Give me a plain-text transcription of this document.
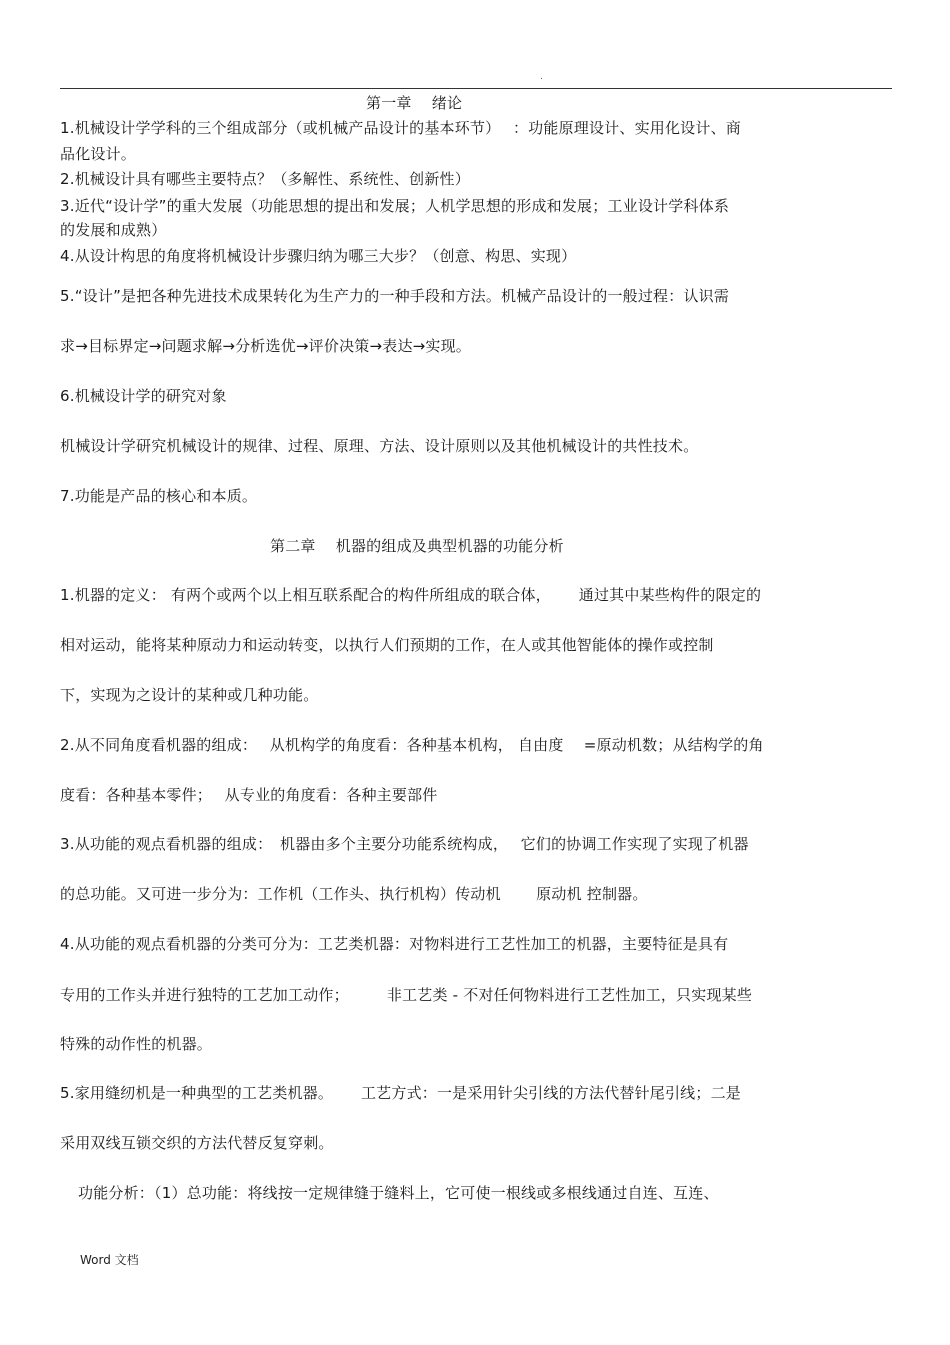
.
第一章　 绪论
1.机械设计学学科的三个组成部分（或机械产品设计的基本环节）　 ：功能原理设计、实用化设计、商
品化设计。
2.机械设计具有哪些主要特点？（多解性、系统性、创新性）
3.近代“设计学”的重大发展（功能思想的提出和发展；人机学思想的形成和发展；工业设计学科体系
的发展和成熟）
4.从设计构思的角度将机械设计步骤归纳为哪三大步？（创意、构思、实现）
5.“设计”是把各种先进技术成果转化为生产力的一种手段和方法。机械产品设计的一般过程：认识需
求→目标界定→问题求解→分析选优→评价决策→表达→实现。
6.机械设计学的研究对象
机械设计学研究机械设计的规律、过程、原理、方法、设计原则以及其他机械设计的共性技术。
7.功能是产品的核心和本质。
第二章　 机器的组成及典型机器的功能分析
1.机器的定义： 有两个或两个以上相互联系配合的构件所组成的联合体，　　 通过其中某些构件的限定的
相对运动，能将某种原动力和运动转变，以执行人们预期的工作，在人或其他智能体的操作或控制
下，实现为之设计的某种或几种功能。
2.从不同角度看机器的组成：　 从机构学的角度看：各种基本机构， 自由度　 =原动机数；从结构学的角
度看：各种基本零件；　 从专业的角度看：各种主要部件
3.从功能的观点看机器的组成：　机器由多个主要分功能系统构成，　 它们的协调工作实现了实现了机器
的总功能。又可进一步分为：工作机（工作头、执行机构）传动机　　 原动机 控制器。
4.从功能的观点看机器的分类可分为：工艺类机器：对物料进行工艺性加工的机器，主要特征是具有
专用的工作头并进行独特的工艺加工动作；　　　非工艺类 - 不对任何物料进行工艺性加工，只实现某些
特殊的动作性的机器。
5.家用缝纫机是一种典型的工艺类机器。　　 工艺方式：一是采用针尖引线的方法代替针尾引线；二是
采用双线互锁交织的方法代替反复穿刺。
功能分析：（1）总功能：将线按一定规律缝于缝料上，它可使一根线或多根线通过自连、互连、
Word 文档
